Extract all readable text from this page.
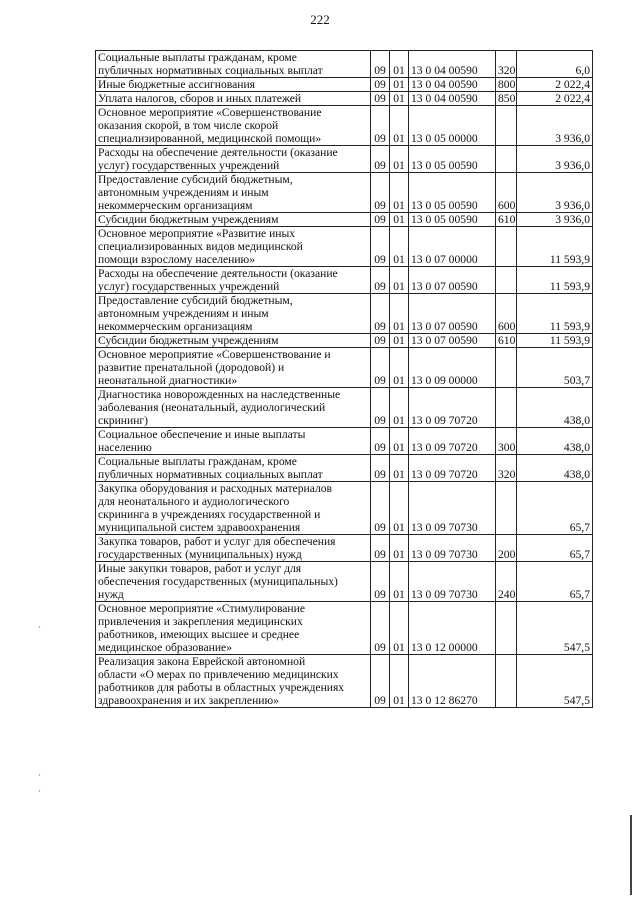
222
Социальные выплаты гражданам, кроме
публичных нормативных социальных выплат	09	01	13 0 04 00590	320	6,0

Иные бюджетные ассигнования	09	01	13 0 04 00590	800	2 022,4

Уплата налогов, сборов и иных платежей	09	01	13 0 04 00590	850	2 022,4

Основное мероприятие «Совершенствование
оказания скорой, в том числе скорой
специализированной, медицинской помощи»	09	01	13 0 05 00000		3 936,0

Расходы на обеспечение деятельности (оказание
услуг) государственных учреждений	09	01	13 0 05 00590		3 936,0

Предоставление субсидий бюджетным,
автономным учреждениям и иным
некоммерческим организациям	09	01	13 0 05 00590	600	3 936,0

Субсидии бюджетным учреждениям	09	01	13 0 05 00590	610	3 936,0

Основное мероприятие «Развитие иных
специализированных видов медицинской
помощи взрослому населению»	09	01	13 0 07 00000		11 593,9

Расходы на обеспечение деятельности (оказание
услуг) государственных учреждений	09	01	13 0 07 00590		11 593,9

Предоставление субсидий бюджетным,
автономным учреждениям и иным
некоммерческим организациям	09	01	13 0 07 00590	600	11 593,9

Субсидии бюджетным учреждениям	09	01	13 0 07 00590	610	11 593,9

Основное мероприятие «Совершенствование и
развитие пренатальной (дородовой) и
неонатальной диагностики»	09	01	13 0 09 00000		503,7

Диагностика новорожденных на наследственные
заболевания (неонатальный, аудиологический
скрининг)	09	01	13 0 09 70720		438,0

Социальное обеспечение и иные выплаты
населению	09	01	13 0 09 70720	300	438,0

Социальные выплаты гражданам, кроме
публичных нормативных социальных выплат	09	01	13 0 09 70720	320	438,0

Закупка оборудования и расходных материалов
для неонатального и аудиологического
скрининга в учреждениях государственной и
муниципальной систем здравоохранения	09	01	13 0 09 70730		65,7

Закупка товаров, работ и услуг для обеспечения
государственных (муниципальных) нужд	09	01	13 0 09 70730	200	65,7

Иные закупки товаров, работ и услуг для
обеспечения государственных (муниципальных)
нужд	09	01	13 0 09 70730	240	65,7

Основное мероприятие «Стимулирование
привлечения и закрепления медицинских
работников, имеющих высшее и среднее
медицинское образование»	09	01	13 0 12 00000		547,5

Реализация закона Еврейской автономной
области «О мерах по привлечению медицинских
работников для работы в областных учреждениях
здравоохранения и их закреплению»	09	01	13 0 12 86270		547,5
·
·
·
